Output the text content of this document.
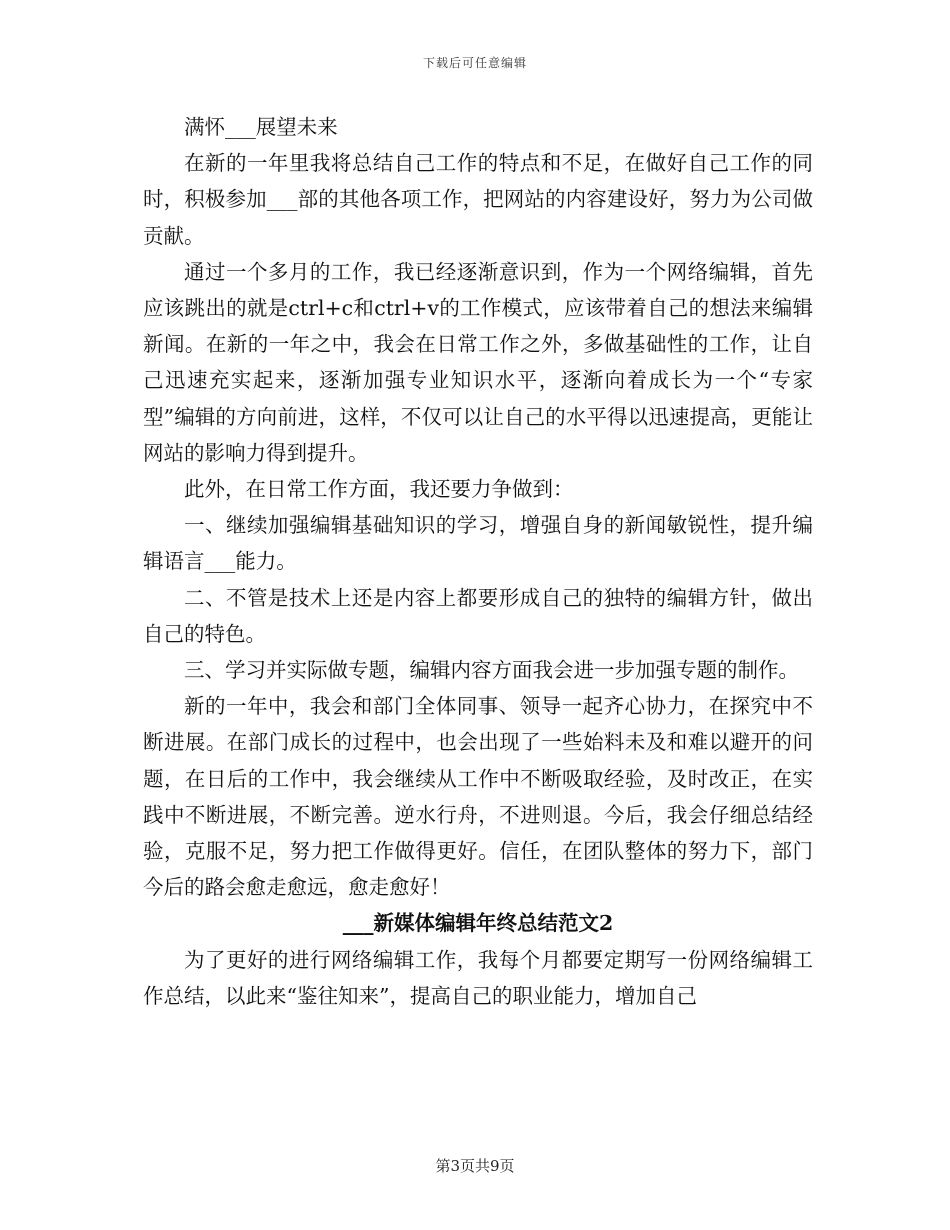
下载后可任意编辑

满怀___展望未来

在新的一年里我将总结自己工作的特点和不足，在做好自己工作的同时，积极参加___部的其他各项工作，把网站的内容建设好，努力为公司做贡献。

通过一个多月的工作，我已经逐渐意识到，作为一个网络编辑，首先应该跳出的就是ctrl+c和ctrl+v的工作模式，应该带着自己的想法来编辑新闻。在新的一年之中，我会在日常工作之外，多做基础性的工作，让自己迅速充实起来，逐渐加强专业知识水平，逐渐向着成长为一个“专家型”编辑的方向前进，这样，不仅可以让自己的水平得以迅速提高，更能让网站的影响力得到提升。

此外，在日常工作方面，我还要力争做到：

一、继续加强编辑基础知识的学习，增强自身的新闻敏锐性，提升编辑语言___能力。

二、不管是技术上还是内容上都要形成自己的独特的编辑方针，做出自己的特色。

三、学习并实际做专题，编辑内容方面我会进一步加强专题的制作。

新的一年中，我会和部门全体同事、领导一起齐心协力，在探究中不断进展。在部门成长的过程中，也会出现了一些始料未及和难以避开的问题，在日后的工作中，我会继续从工作中不断吸取经验，及时改正，在实践中不断进展，不断完善。逆水行舟，不进则退。今后，我会仔细总结经验，克服不足，努力把工作做得更好。信任，在团队整体的努力下，部门今后的路会愈走愈远，愈走愈好！

___新媒体编辑年终总结范文2

为了更好的进行网络编辑工作，我每个月都要定期写一份网络编辑工作总结，以此来“鉴往知来”，提高自己的职业能力，增加自己

第3页共9页
